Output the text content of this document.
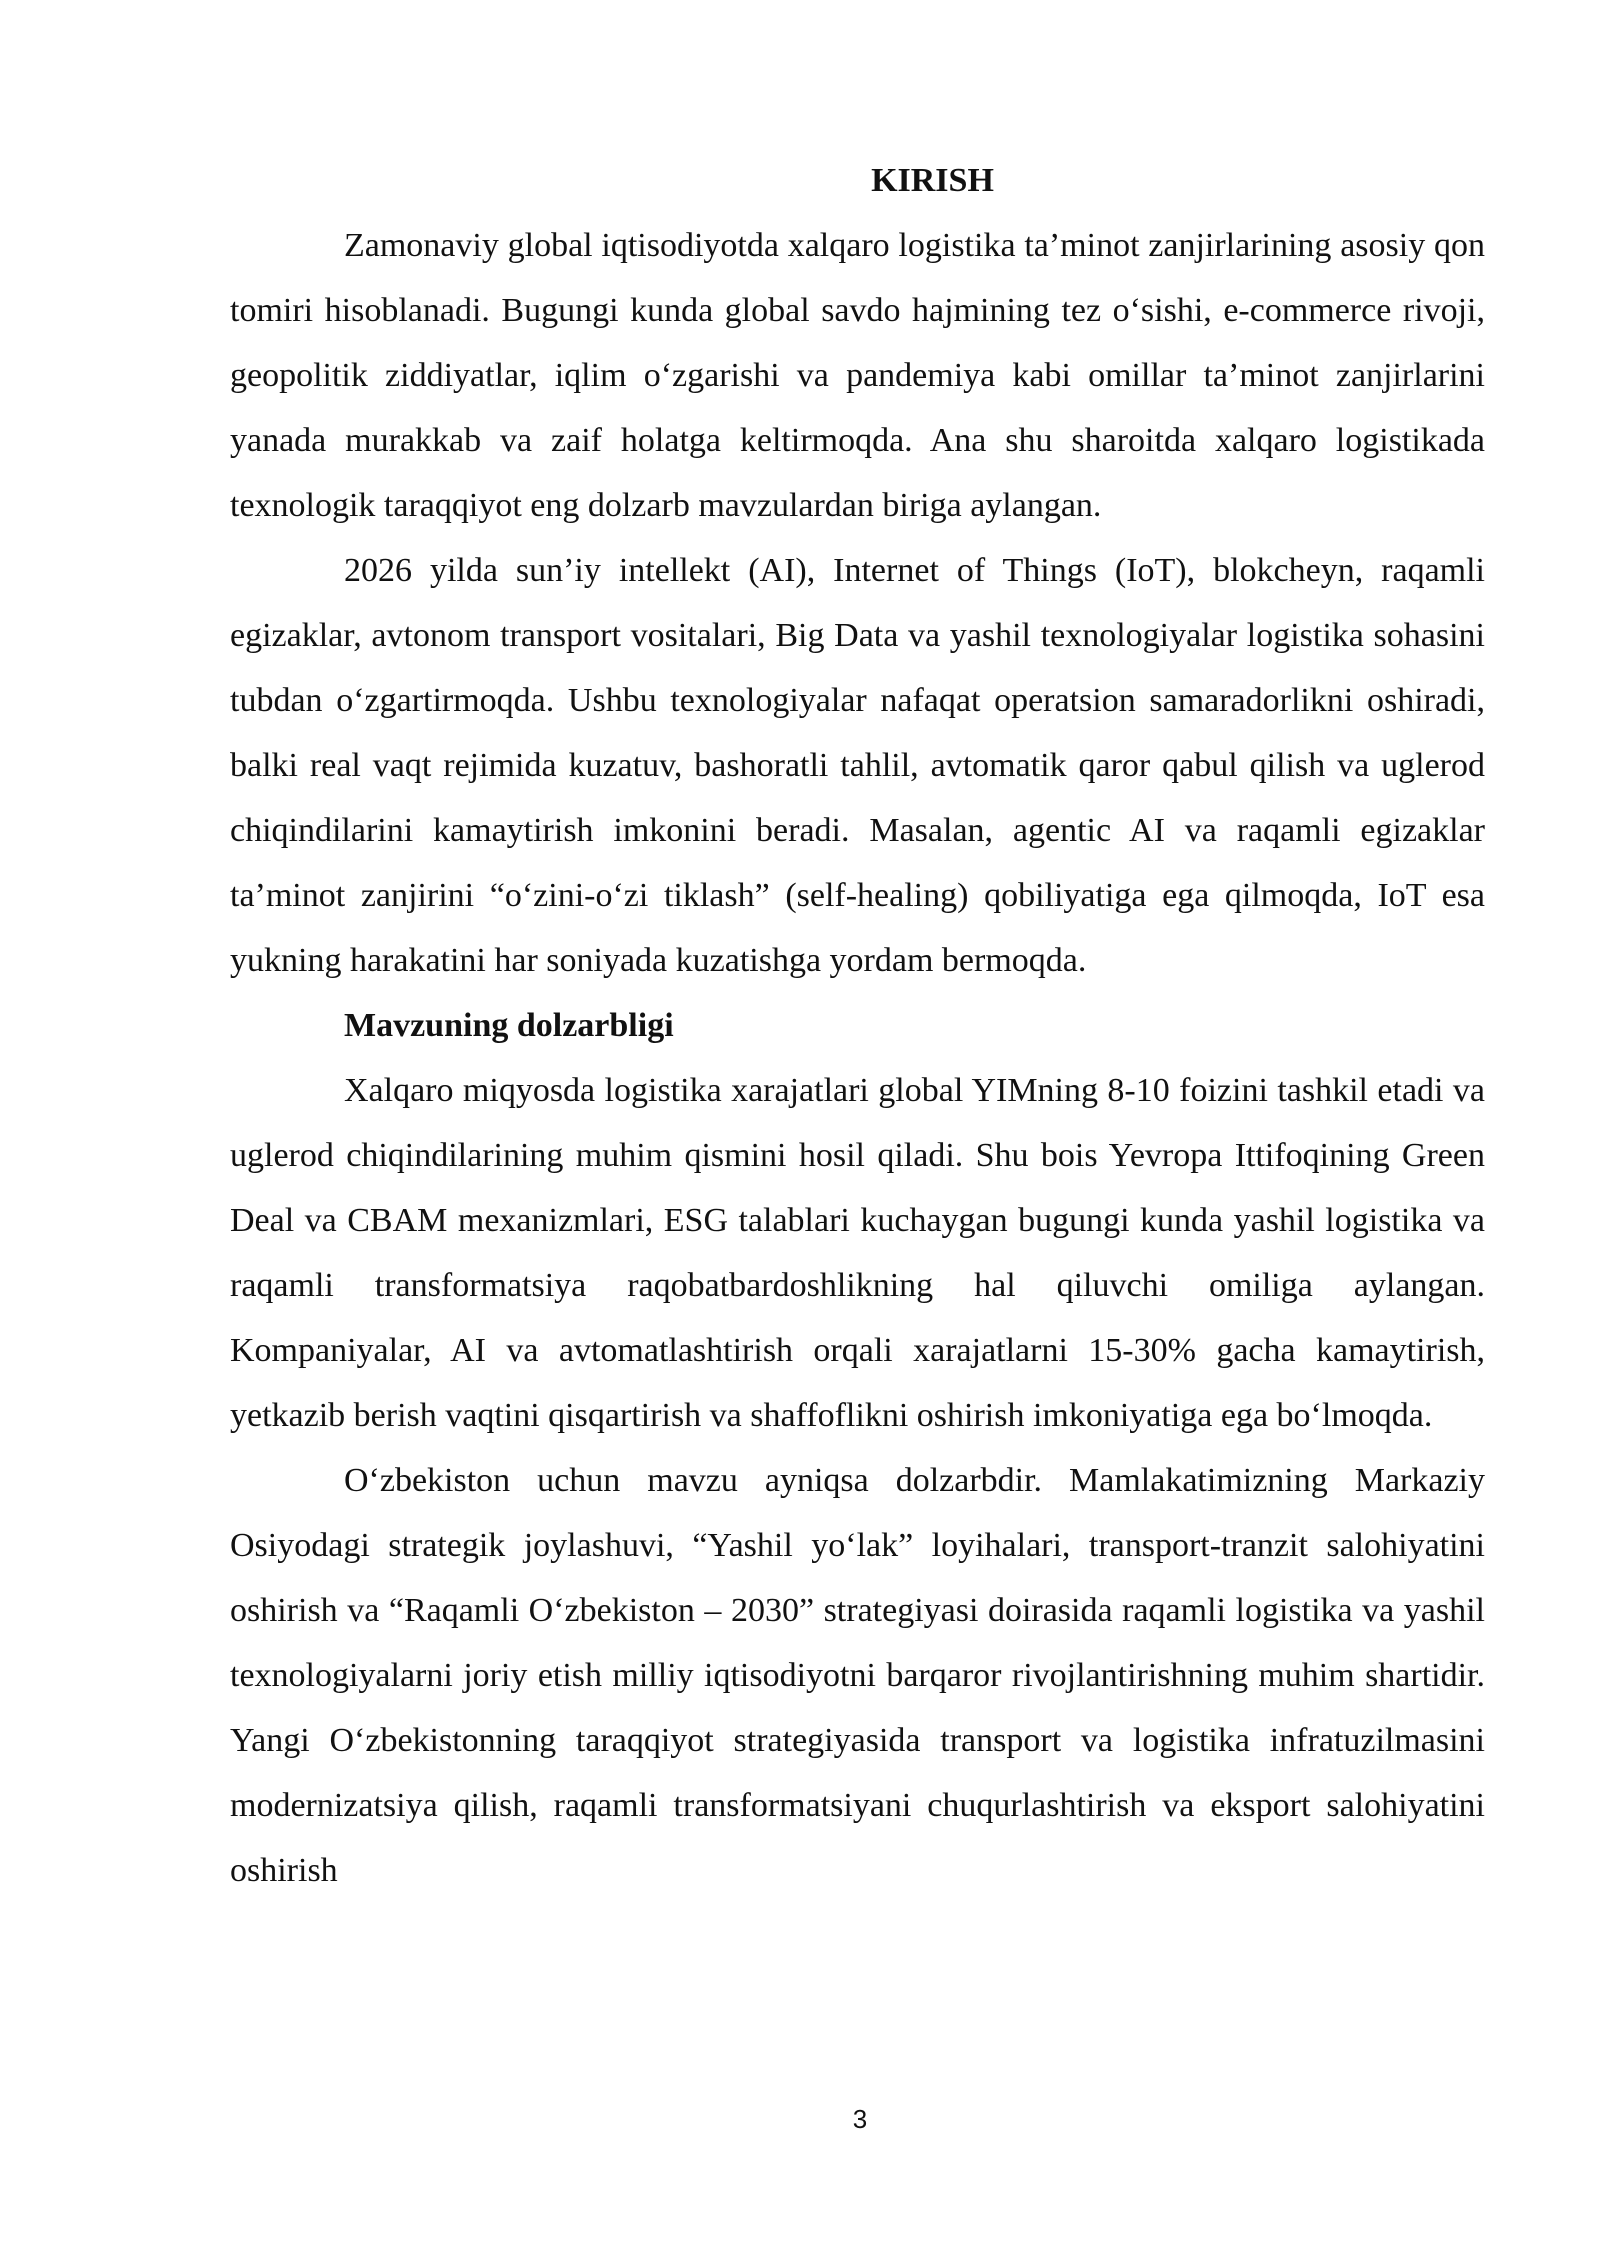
KIRISH

Zamonaviy global iqtisodiyotda xalqaro logistika ta’minot zanjirlarining asosiy qon tomiri hisoblanadi. Bugungi kunda global savdo hajmining tez o‘sishi, e-commerce rivoji, geopolitik ziddiyatlar, iqlim o‘zgarishi va pandemiya kabi omillar ta’minot zanjirlarini yanada murakkab va zaif holatga keltirmoqda. Ana shu sharoitda xalqaro logistikada texnologik taraqqiyot eng dolzarb mavzulardan biriga aylangan.

2026 yilda sun’iy intellekt (AI), Internet of Things (IoT), blokcheyn, raqamli egizaklar, avtonom transport vositalari, Big Data va yashil texnologiyalar logistika sohasini tubdan o‘zgartirmoqda. Ushbu texnologiyalar nafaqat operatsion samaradorlikni oshiradi, balki real vaqt rejimida kuzatuv, bashoratli tahlil, avtomatik qaror qabul qilish va uglerod chiqindilarini kamaytirish imkonini beradi. Masalan, agentic AI va raqamli egizaklar ta’minot zanjirini “o‘zini-o‘zi tiklash” (self-healing) qobiliyatiga ega qilmoqda, IoT esa yukning harakatini har soniyada kuzatishga yordam bermoqda.

Mavzuning dolzarbligi

Xalqaro miqyosda logistika xarajatlari global YIMning 8-10 foizini tashkil etadi va uglerod chiqindilarining muhim qismini hosil qiladi. Shu bois Yevropa Ittifoqining Green Deal va CBAM mexanizmlari, ESG talablari kuchaygan bugungi kunda yashil logistika va raqamli transformatsiya raqobatbardoshlikning hal qiluvchi omiliga aylangan. Kompaniyalar, AI va avtomatlashtirish orqali xarajatlarni 15-30% gacha kamaytirish, yetkazib berish vaqtini qisqartirish va shaffoflikni oshirish imkoniyatiga ega bo‘lmoqda.

O‘zbekiston uchun mavzu ayniqsa dolzarbdir. Mamlakatimizning Markaziy Osiyodagi strategik joylashuvi, “Yashil yo‘lak” loyihalari, transport-tranzit salohiyatini oshirish va “Raqamli O‘zbekiston – 2030” strategiyasi doirasida raqamli logistika va yashil texnologiyalarni joriy etish milliy iqtisodiyotni barqaror rivojlantirishning muhim shartidir. Yangi O‘zbekistonning taraqqiyot strategiyasida transport va logistika infratuzilmasini modernizatsiya qilish, raqamli transformatsiyani chuqurlashtirish va eksport salohiyatini oshirish

3
